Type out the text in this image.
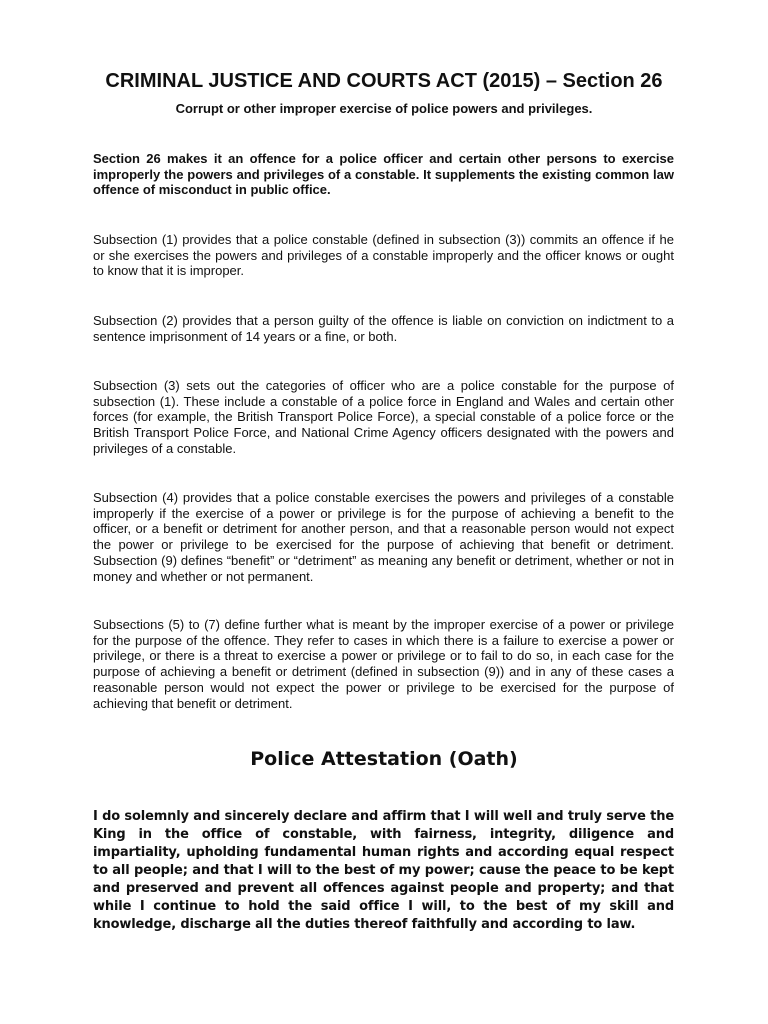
CRIMINAL JUSTICE AND COURTS ACT (2015) – Section 26

Corrupt or other improper exercise of police powers and privileges.

Section 26 makes it an offence for a police officer and certain other persons to exercise improperly the powers and privileges of a constable. It supplements the existing common law offence of misconduct in public office.

Subsection (1) provides that a police constable (defined in subsection (3)) commits an offence if he or she exercises the powers and privileges of a constable improperly and the officer knows or ought to know that it is improper.

Subsection (2) provides that a person guilty of the offence is liable on conviction on indictment to a sentence imprisonment of 14 years or a fine, or both.

Subsection (3) sets out the categories of officer who are a police constable for the purpose of subsection (1). These include a constable of a police force in England and Wales and certain other forces (for example, the British Transport Police Force), a special constable of a police force or the British Transport Police Force, and National Crime Agency officers designated with the powers and privileges of a constable.

Subsection (4) provides that a police constable exercises the powers and privileges of a constable improperly if the exercise of a power or privilege is for the purpose of achieving a benefit to the officer, or a benefit or detriment for another person, and that a reasonable person would not expect the power or privilege to be exercised for the purpose of achieving that benefit or detriment. Subsection (9) defines “benefit” or “detriment” as meaning any benefit or detriment, whether or not in money and whether or not permanent.

Subsections (5) to (7) define further what is meant by the improper exercise of a power or privilege for the purpose of the offence. They refer to cases in which there is a failure to exercise a power or privilege, or there is a threat to exercise a power or privilege or to fail to do so, in each case for the purpose of achieving a benefit or detriment (defined in subsection (9)) and in any of these cases a reasonable person would not expect the power or privilege to be exercised for the purpose of achieving that benefit or detriment.

Police Attestation (Oath)

I do solemnly and sincerely declare and affirm that I will well and truly serve the King in the office of constable, with fairness, integrity, diligence and impartiality, upholding fundamental human rights and according equal respect to all people; and that I will to the best of my power; cause the peace to be kept and preserved and prevent all offences against people and property; and that while I continue to hold the said office I will, to the best of my skill and knowledge, discharge all the duties thereof faithfully and according to law.
